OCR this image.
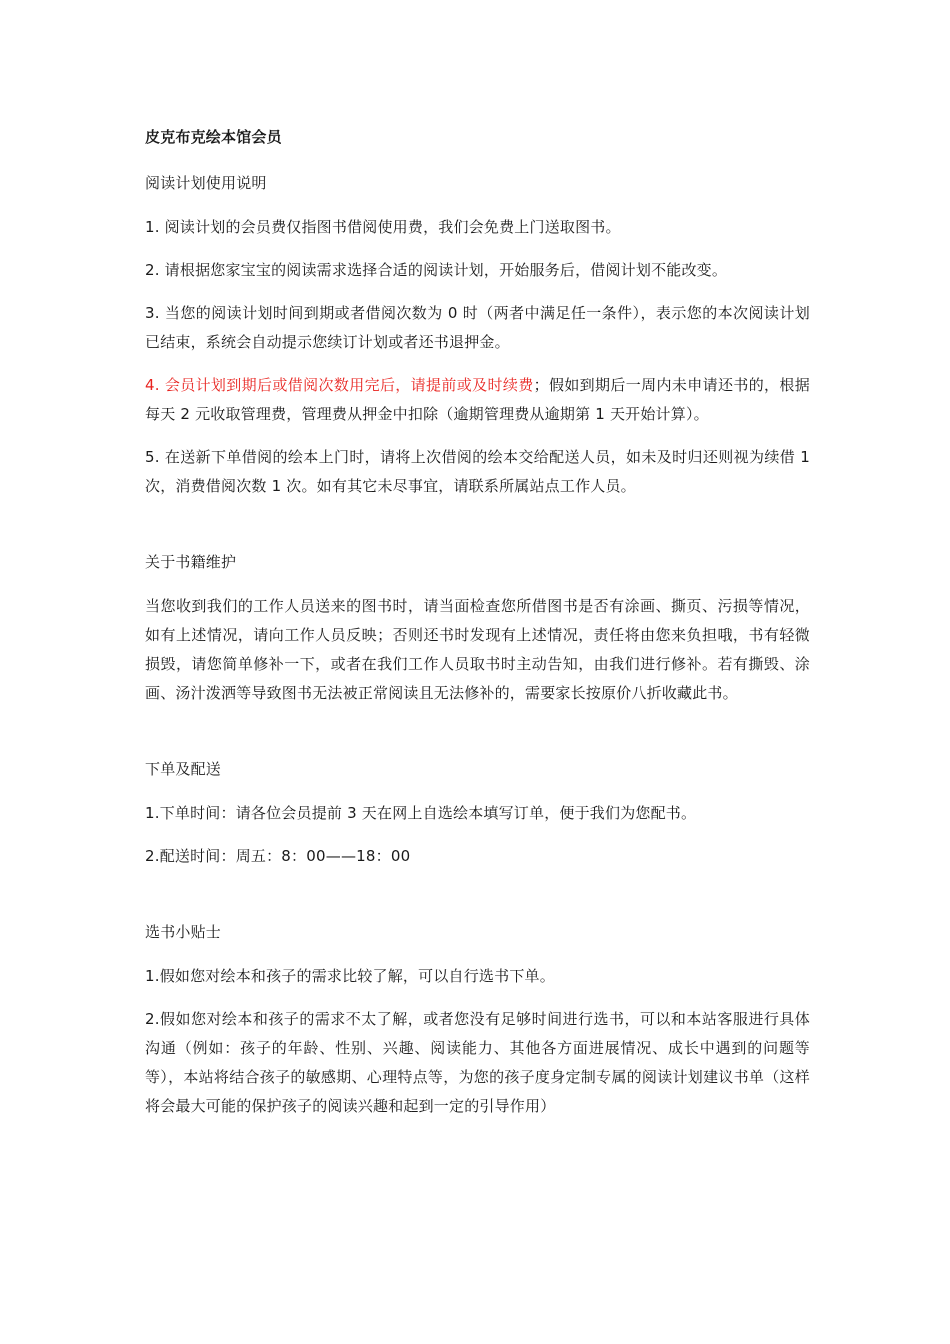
皮克布克绘本馆会员

阅读计划使用说明

1. 阅读计划的会员费仅指图书借阅使用费，我们会免费上门送取图书。

2. 请根据您家宝宝的阅读需求选择合适的阅读计划，开始服务后，借阅计划不能改变。

3. 当您的阅读计划时间到期或者借阅次数为 0 时（两者中满足任一条件），表示您的本次阅读计划已结束，系统会自动提示您续订计划或者还书退押金。

4. 会员计划到期后或借阅次数用完后，请提前或及时续费；假如到期后一周内未申请还书的，根据每天 2 元收取管理费，管理费从押金中扣除（逾期管理费从逾期第 1 天开始计算）。

5. 在送新下单借阅的绘本上门时，请将上次借阅的绘本交给配送人员，如未及时归还则视为续借 1 次，消费借阅次数 1 次。如有其它未尽事宜，请联系所属站点工作人员。

关于书籍维护

当您收到我们的工作人员送来的图书时，请当面检查您所借图书是否有涂画、撕页、污损等情况，如有上述情况，请向工作人员反映；否则还书时发现有上述情况，责任将由您来负担哦，书有轻微损毁，请您简单修补一下，或者在我们工作人员取书时主动告知，由我们进行修补。若有撕毁、涂画、汤汁泼洒等导致图书无法被正常阅读且无法修补的，需要家长按原价八折收藏此书。

下单及配送

1.下单时间：请各位会员提前 3 天在网上自选绘本填写订单，便于我们为您配书。

2.配送时间：周五：8：00——18：00

选书小贴士

1.假如您对绘本和孩子的需求比较了解，可以自行选书下单。

2.假如您对绘本和孩子的需求不太了解，或者您没有足够时间进行选书，可以和本站客服进行具体沟通（例如：孩子的年龄、性别、兴趣、阅读能力、其他各方面进展情况、成长中遇到的问题等等），本站将结合孩子的敏感期、心理特点等，为您的孩子度身定制专属的阅读计划建议书单（这样将会最大可能的保护孩子的阅读兴趣和起到一定的引导作用）
